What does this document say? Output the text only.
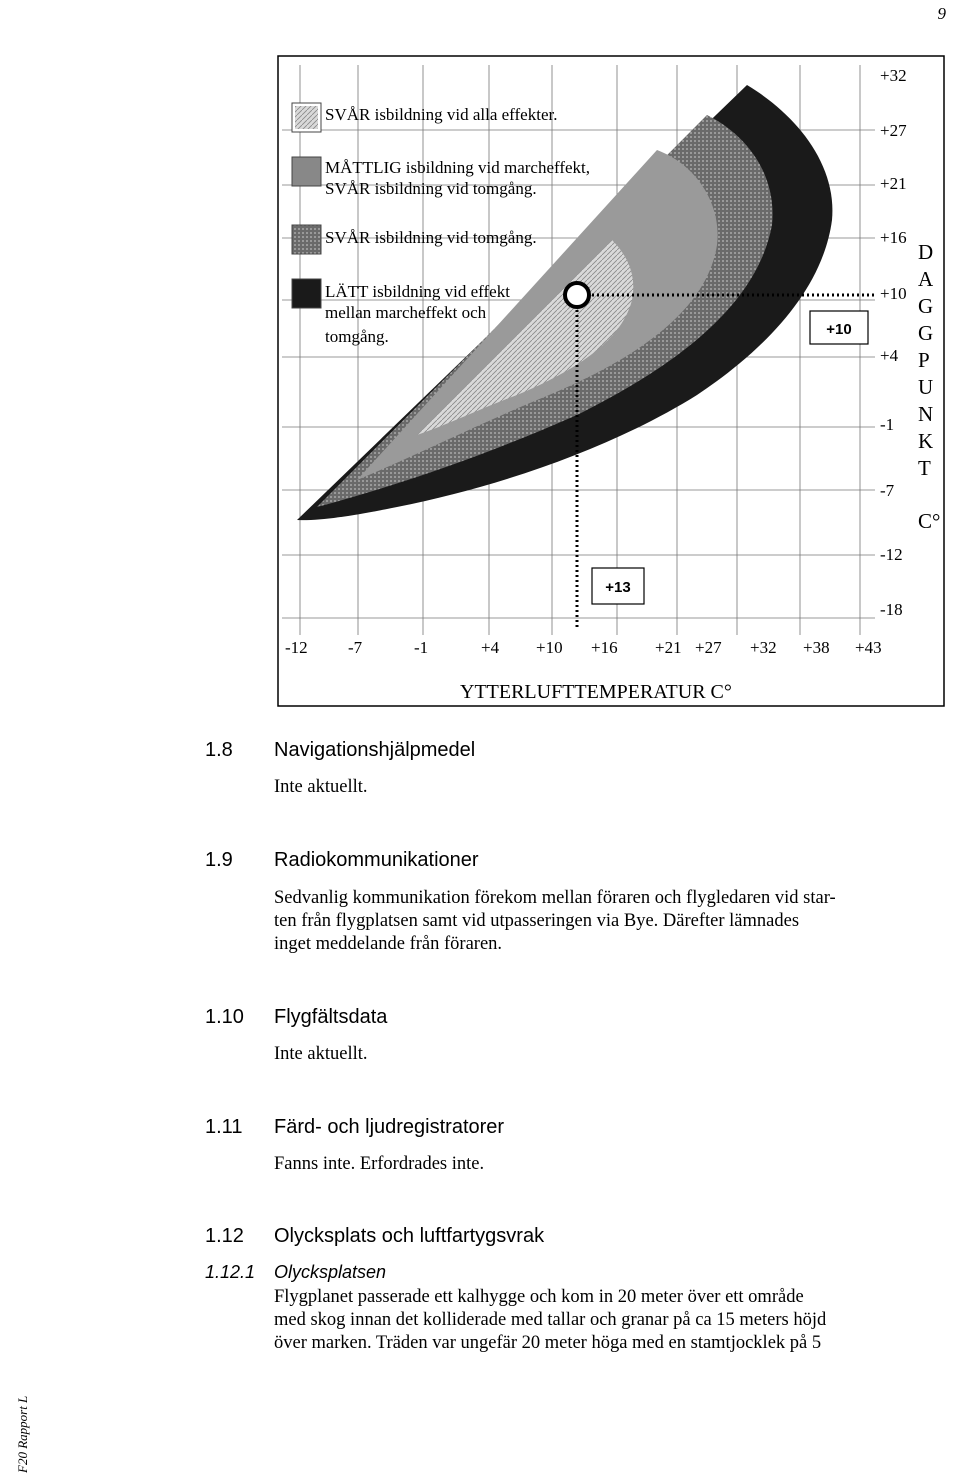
9
F20 Rapport L
+13
+10
SVÅR isbildning vid alla effekter.
MÅTTLIG isbildning vid marcheffekt,
SVÅR isbildning vid tomgång.
SVÅR isbildning vid tomgång.
LÄTT isbildning vid effekt
mellan marcheffekt och
tomgång.
+32
+27
+21
+16
+10
+4
-1
-7
-12
-18
D
A
G
G
P
U
N
K
T
C°
-12 -7	-1	+4 +10 +16 +21 +27 +32 +38 +43
YTTERLUFTTEMPERATUR C°
1.8 Navigationshjälpmedel
Inte aktuellt.
1.9 Radiokommunikationer
Sedvanlig kommunikation förekom mellan föraren och flygledaren vid star-
ten från flygplatsen samt vid utpasseringen via Bye. Därefter lämnades
inget meddelande från föraren.
1.10 Flygfältsdata
Inte aktuellt.
1.11 Färd- och ljudregistratorer
Fanns inte. Erfordrades inte.
1.12 Olycksplats och luftfartygsvrak
1.12.1 Olycksplatsen
Flygplanet passerade ett kalhygge och kom in 20 meter över ett område
med skog innan det kolliderade med tallar och granar på ca 15 meters höjd
över marken. Träden var ungefär 20 meter höga med en stamtjocklek på 5
